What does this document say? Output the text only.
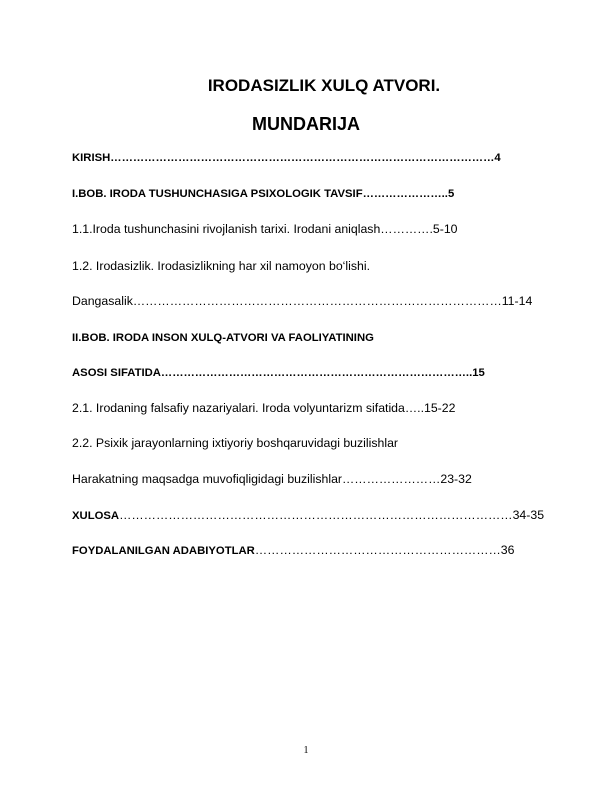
IRODASIZLIK XULQ ATVORI.
MUNDARIJA
KIRISH…………………………………………………………………………………………4
I.BOB. IRODA TUSHUNCHASIGA PSIXOLOGIK TAVSIF…………………..5
1.1.Iroda tushunchasini rivojlanish tarixi. Irodani aniqlash………….5-10
1.2. Irodasizlik. Irodasizlikning har xil namoyon bo‘lishi.
Dangasalik………………………………………………………………………………11-14
II.BOB. IRODA INSON XULQ-ATVORI VA FAOLIYATINING
ASOSI SIFATIDA………………………………………………………………………..15
2.1. Irodaning falsafiy nazariyalari. Iroda volyuntarizm sifatida…..15-22
2.2. Psixik jarayonlarning ixtiyoriy boshqaruvidagi buzilishlar
Harakatning maqsadga muvofiqligidagi buzilishlar……………………23-32
XULOSA……………………………………………………………………………………34-35
FOYDALANILGAN ADABIYOTLAR……………………………………………………36
1
